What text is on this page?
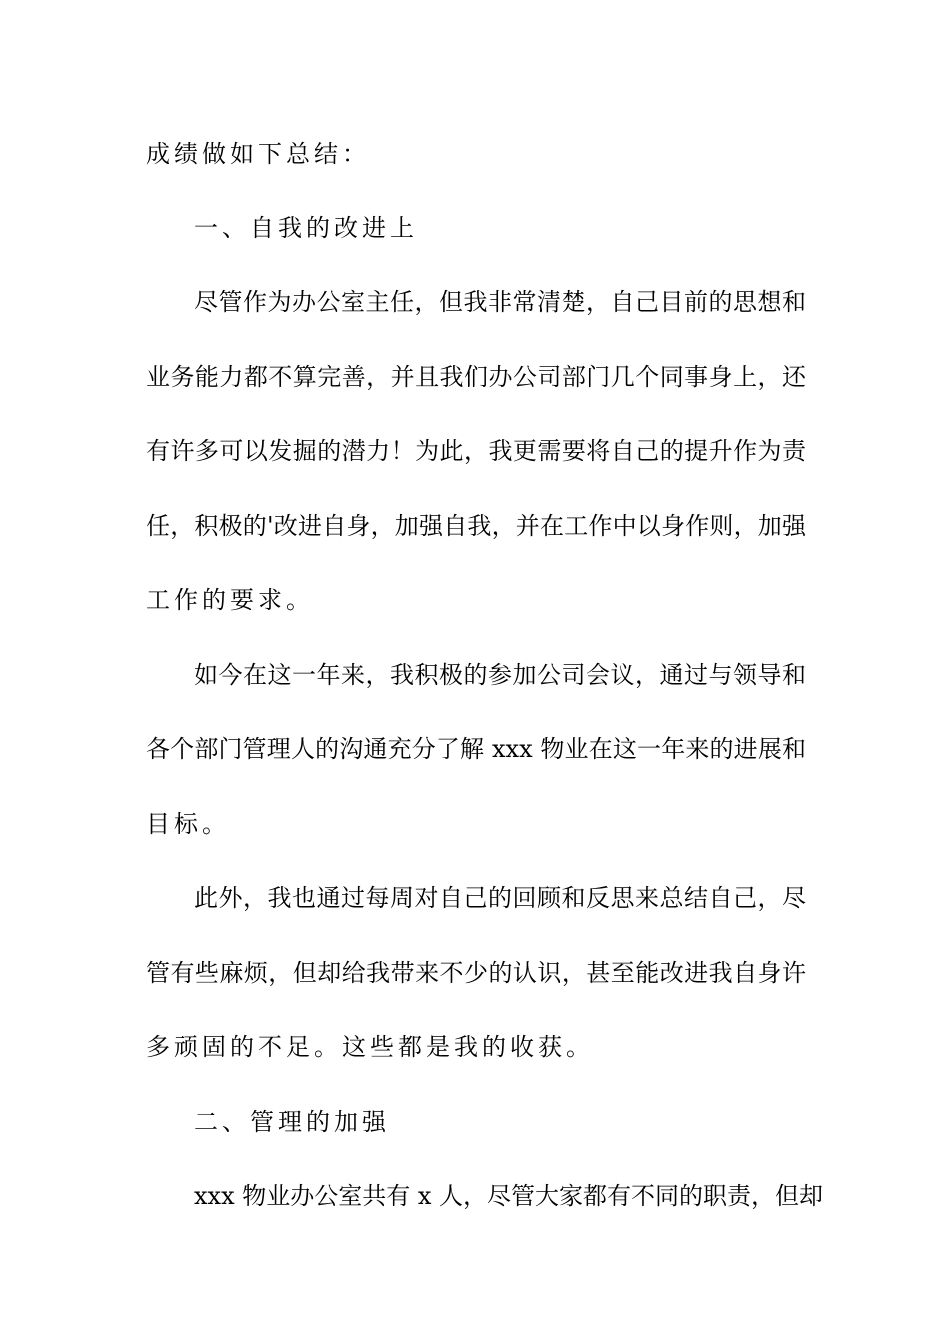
成绩做如下总结：
一、自我的改进上
尽管作为办公室主任，但我非常清楚，自己目前的思想和
业务能力都不算完善，并且我们办公司部门几个同事身上，还
有许多可以发掘的潜力！为此，我更需要将自己的提升作为责
任，积极的'改进自身，加强自我，并在工作中以身作则，加强
工作的要求。
如今在这一年来，我积极的参加公司会议，通过与领导和
各个部门管理人的沟通充分了解 xxx 物业在这一年来的进展和
目标。
此外，我也通过每周对自己的回顾和反思来总结自己，尽
管有些麻烦，但却给我带来不少的认识，甚至能改进我自身许
多顽固的不足。这些都是我的收获。
二、管理的加强
xxx 物业办公室共有 x 人，尽管大家都有不同的职责，但却
